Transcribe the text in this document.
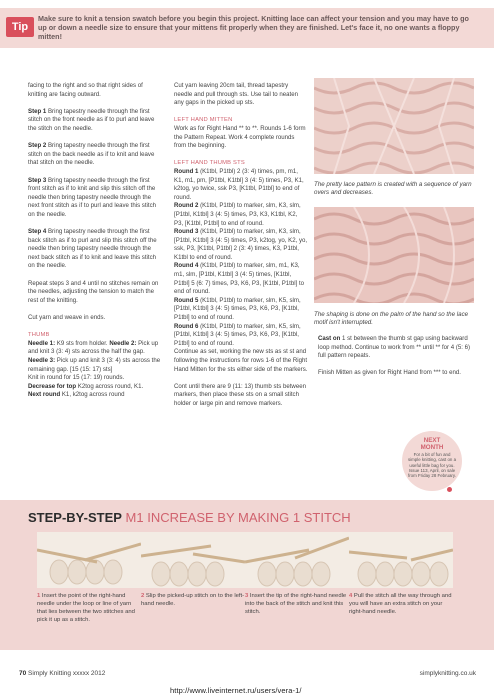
Tip
Make sure to knit a tension swatch before you begin this project. Knitting lace can affect your tension and you may have to go up or down a needle size to ensure that your mittens fit properly when they are finished. Let's face it, no one wants a floppy mitten!

facing to the right and so that right sides of knitting are facing outward.

Step 1 Bring tapestry needle through the first stitch on the front needle as if to purl and leave the stitch on the needle.

Step 2 Bring tapestry needle through the first stitch on the back needle as if to knit and leave that stitch on the needle.

Step 3 Bring tapestry needle through the first front stitch as if to knit and slip this stitch off the needle then bring tapestry needle through the next front stitch as if to purl and leave this stitch on the needle.

Step 4 Bring tapestry needle through the first back stitch as if to purl and slip this stitch off the needle then bring tapestry needle through the next back stitch as if to knit and leave this stitch on the needle.

Repeat steps 3 and 4 until no stitches remain on the needles, adjusting the tension to match the rest of the knitting.

Cut yarn and weave in ends.

THUMB

Needle 1: K9 sts from holder. Needle 2: Pick up and knit 3 (3: 4) sts across the half the gap. Needle 3: Pick up and knit 3 (3: 4) sts across the remaining gap. [15 (15: 17) sts]

Knit in round for 15 (17: 19) rounds.

Decrease for top K2tog across round, K1.

Next round K1, k2tog across round

Cut yarn leaving 20cm tail, thread tapestry needle and pull through sts. Use tail to neaten any gaps in the picked up sts.

LEFT HAND MITTEN

Work as for Right Hand ** to **. Rounds 1-6 form the Pattern Repeat. Work 4 complete rounds from the beginning.

LEFT HAND THUMB STS

Round 1 (K1tbl, P1tbl) 2 (3: 4) times, pm, m1, K1, m1, pm, [P1tbl, K1tbl] 3 (4: 5) times, P3, K1, k2tog, yo twice, ssk P3, [K1tbl, P1tbl] to end of round.

Round 2 (K1tbl, P1tbl) to marker, slm, K3, slm, [P1tbl, K1tbl] 3 (4: 5) times, P3, K3, K1tbl, K2, P3, [K1tbl, P1tbl] to end of round.

Round 3 (K1tbl, P1tbl) to marker, slm, K3, slm, [P1tbl, K1tbl] 3 (4: 5) times, P3, k2tog, yo, K2, yo, ssk, P3, [K1tbl, P1tbl] 2 (3: 4) times, K3, P1tbl, K1tbl to end of round.

Round 4 (K1tbl, P1tbl) to marker, slm, m1, K3, m1, slm, [P1tbl, K1tbl] 3 (4: 5) times, [K1tbl, P1tbl] 5 (6: 7) times, P3, K6, P3, [K1tbl, P1tbl] to end of round.

Round 5 (K1tbl, P1tbl) to marker, slm, K5, slm, [P1tbl, K1tbl] 3 (4: 5) times, P3, K6, P3, [K1tbl, P1tbl] to end of round.

Round 6 (K1tbl, P1tbl) to marker, slm, K5, slm, [P1tbl, K1tbl] 3 (4: 5) times, P3, K6, P3, [K1tbl, P1tbl] to end of round.

Continue as set, working the new sts as st st and following the instructions for rows 1-6 of the Right Hand Mitten for the sts either side of the markers.

Cont until there are 9 (11: 13) thumb sts between markers, then place these sts on a small stitch holder or large pin and remove markers.

The pretty lace pattern is created with a sequence of yarn overs and decreases.
The shaping is done on the palm of the hand so the lace motif isn't interrupted.

Cast on 1 st between the thumb st gap using backward loop method. Continue to work from ** until ** for 4 (5: 6) full pattern repeats.

Finish Mitten as given for Right Hand from *** to end.

NEXT
MONTH
For a bit of fun and simple knitting, cast on a useful little bag for you. Issue 113, April, on sale from Friday 28 February.
STEP-BY-STEP M1 INCREASE BY MAKING 1 STITCH
1 Insert the point of the right-hand needle under the loop or line of yarn that lies between the two stitches and pick it up as a stitch.
2 Slip the picked-up stitch on to the left-hand needle.
3 Insert the tip of the right-hand needle into the back of the stitch and knit this stitch.
4 Pull the stitch all the way through and you will have an extra stitch on your right-hand needle.
70 Simply Knitting xxxxx 2012	simplyknitting.co.uk
http://www.liveinternet.ru/users/vera-1/
